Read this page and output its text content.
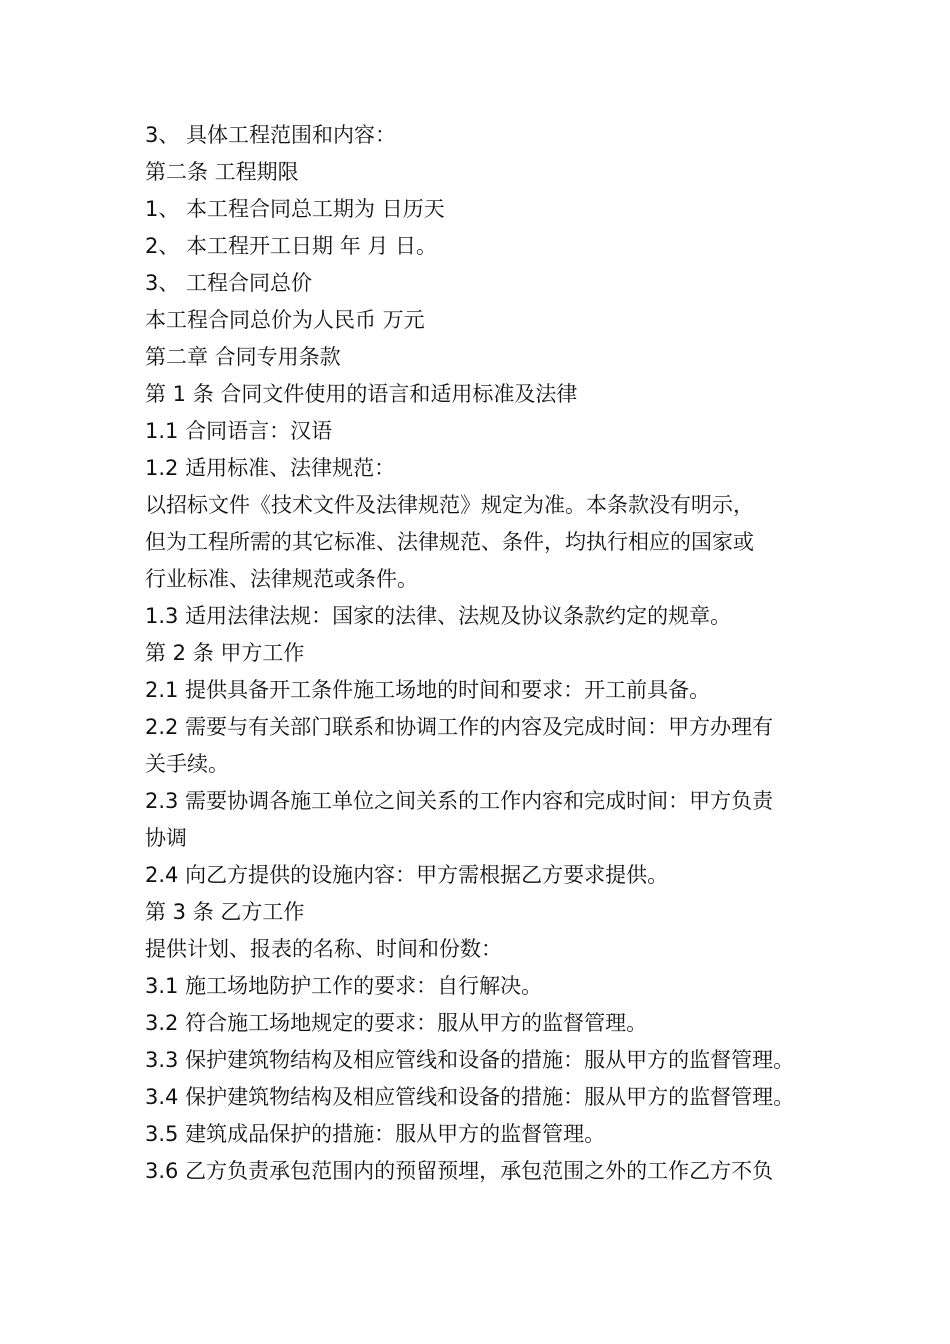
3、 具体工程范围和内容：
第二条 工程期限
1、 本工程合同总工期为 日历天
2、 本工程开工日期 年 月 日。
3、 工程合同总价
本工程合同总价为人民币 万元
第二章 合同专用条款
第 1 条 合同文件使用的语言和适用标准及法律
1.1 合同语言：汉语
1.2 适用标准、法律规范：
以招标文件《技术文件及法律规范》规定为准。本条款没有明示，
但为工程所需的其它标准、法律规范、条件，均执行相应的国家或
行业标准、法律规范或条件。
1.3 适用法律法规：国家的法律、法规及协议条款约定的规章。
第 2 条 甲方工作
2.1 提供具备开工条件施工场地的时间和要求：开工前具备。
2.2 需要与有关部门联系和协调工作的内容及完成时间：甲方办理有
关手续。
2.3 需要协调各施工单位之间关系的工作内容和完成时间：甲方负责
协调
2.4 向乙方提供的设施内容：甲方需根据乙方要求提供。
第 3 条 乙方工作
提供计划、报表的名称、时间和份数：
3.1 施工场地防护工作的要求：自行解决。
3.2 符合施工场地规定的要求：服从甲方的监督管理。
3.3 保护建筑物结构及相应管线和设备的措施：服从甲方的监督管理。
3.4 保护建筑物结构及相应管线和设备的措施：服从甲方的监督管理。
3.5 建筑成品保护的措施：服从甲方的监督管理。
3.6 乙方负责承包范围内的预留预埋，承包范围之外的工作乙方不负
